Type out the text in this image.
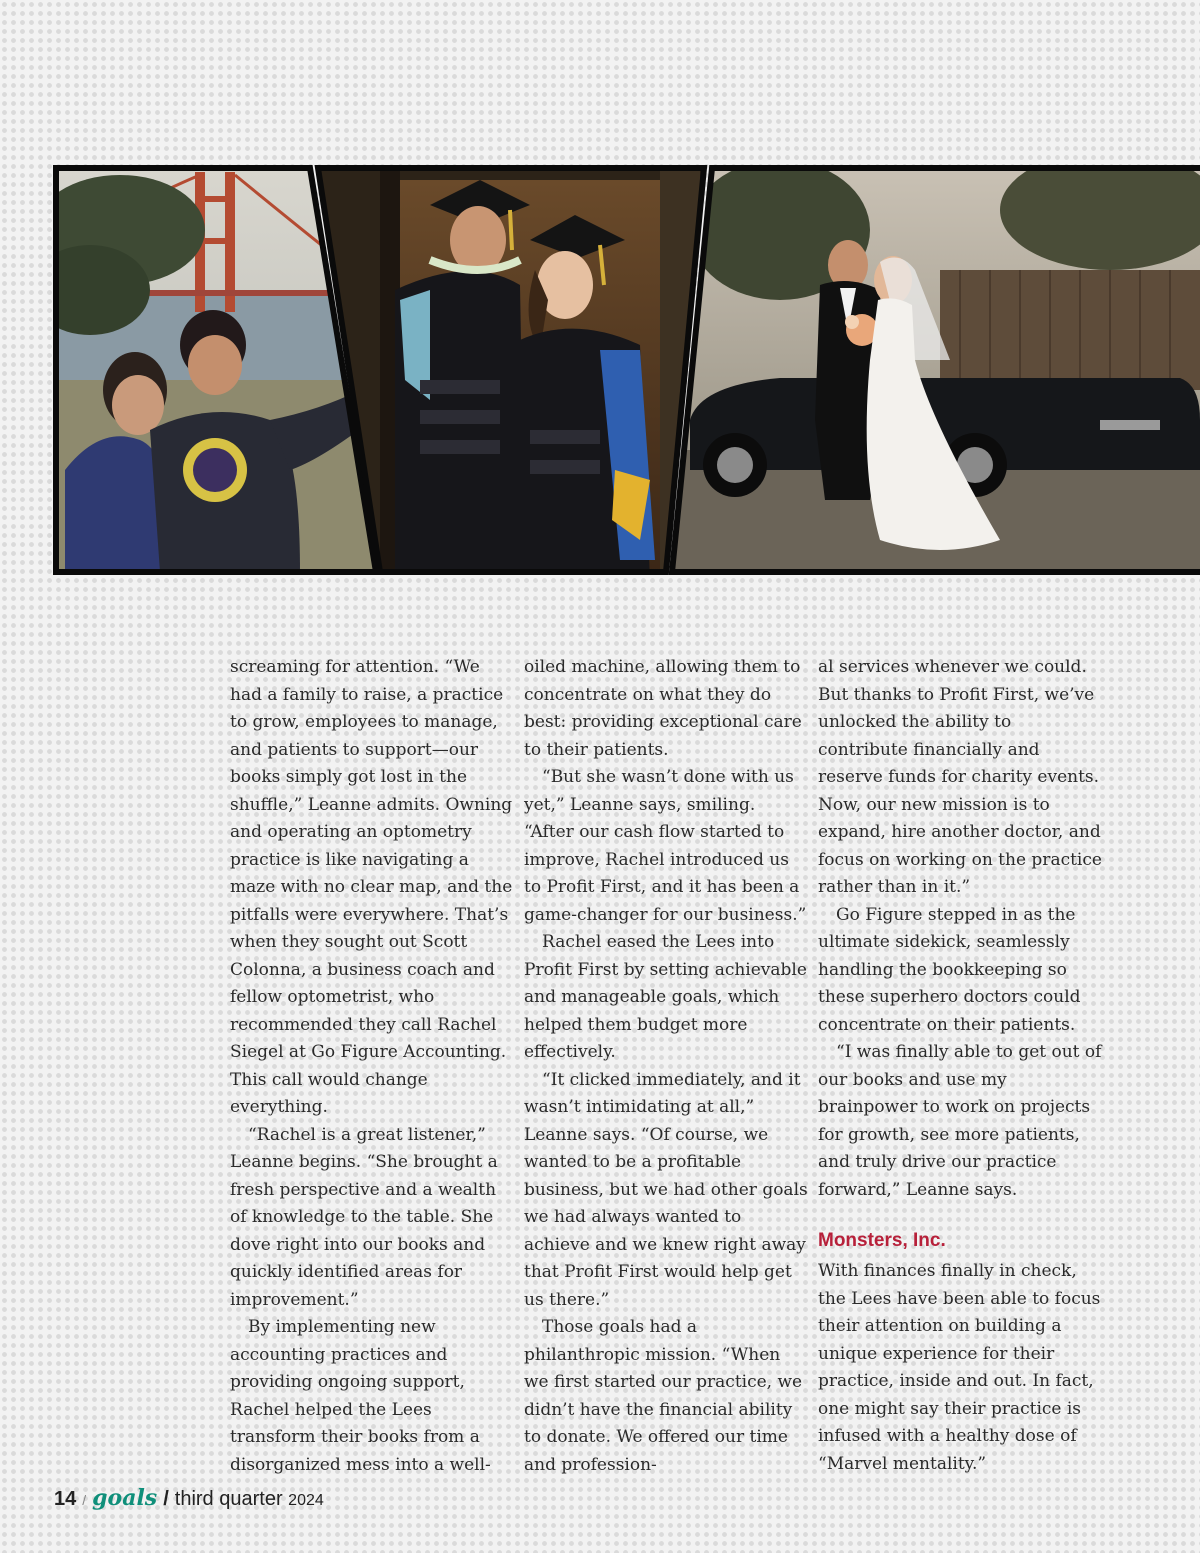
screaming for attention. “We had a family to raise, a practice to grow, employees to manage, and patients to support—our books simply got lost in the shuffle,” Leanne admits. Owning and operating an optometry practice is like navigating a maze with no clear map, and the pitfalls were everywhere. That’s when they sought out Scott Colonna, a business coach and fellow optometrist, who recommended they call Rachel Siegel at Go Figure Accounting. This call would change everything.

“Rachel is a great listener,” Leanne begins. “She brought a fresh perspective and a wealth of knowledge to the table. She dove right into our books and quickly identified areas for improvement.”

By implementing new accounting practices and providing ongoing support, Rachel helped the Lees transform their books from a disorganized mess into a well-

oiled machine, allowing them to concentrate on what they do best: providing exceptional care to their patients.

“But she wasn’t done with us yet,” Leanne says, smiling. “After our cash flow started to improve, Rachel introduced us to Profit First, and it has been a game-changer for our business.”

Rachel eased the Lees into Profit First by setting achievable and manageable goals, which helped them budget more effectively.

“It clicked immediately, and it wasn’t intimidating at all,” Leanne says. “Of course, we wanted to be a profitable business, but we had other goals we had always wanted to achieve and we knew right away that Profit First would help get us there.”

Those goals had a philanthropic mission. “When we first started our practice, we didn’t have the financial ability to donate. We offered our time and profession-

al services whenever we could. But thanks to Profit First, we’ve unlocked the ability to contribute financially and reserve funds for charity events. Now, our new mission is to expand, hire another doctor, and focus on working on the practice rather than in it.”

Go Figure stepped in as the ultimate sidekick, seamlessly handling the bookkeeping so these superhero doctors could concentrate on their patients.

“I was finally able to get out of our books and use my brainpower to work on projects for growth, see more patients, and truly drive our practice forward,” Leanne says.

Monsters, Inc.

With finances finally in check, the Lees have been able to focus their attention on building a unique experience for their practice, inside and out. In fact, one might say their practice is infused with a healthy dose of “Marvel mentality.”

14 / goals / third quarter 2024
